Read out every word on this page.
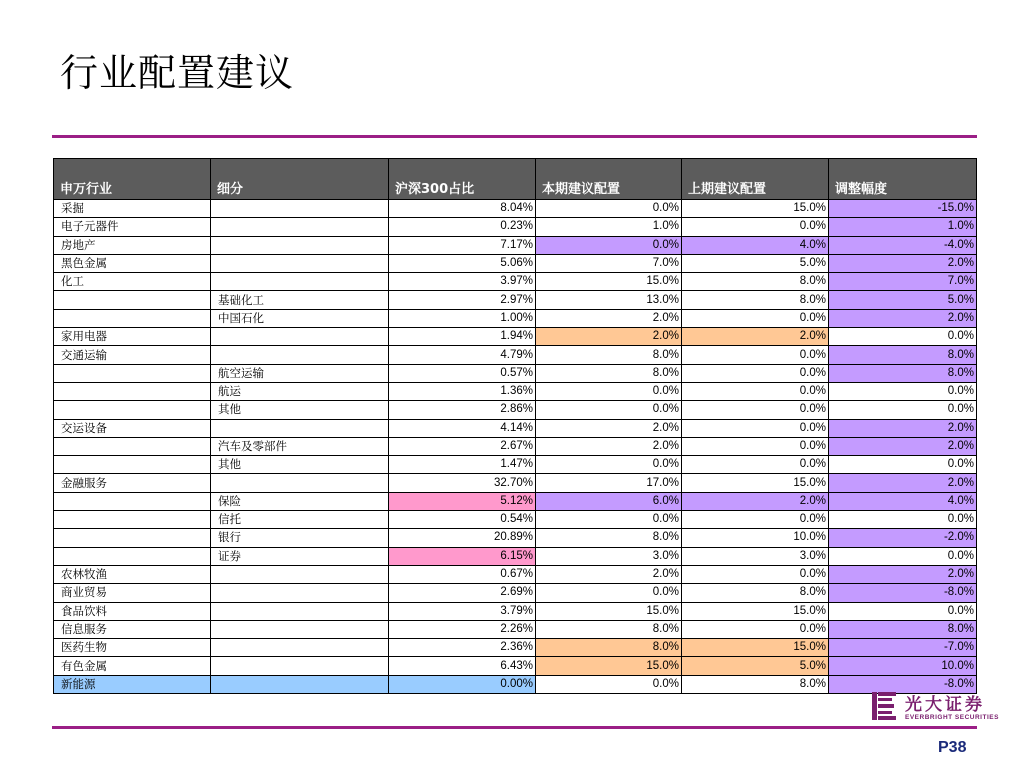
行业配置建议
申万行业	细分	沪深300占比	本期建议配置	上期建议配置	调整幅度
采掘		8.04%	0.0%	15.0%	-15.0%
电子元器件		0.23%	1.0%	0.0%	1.0%
房地产		7.17%	0.0%	4.0%	-4.0%
黑色金属		5.06%	7.0%	5.0%	2.0%
化工		3.97%	15.0%	8.0%	7.0%
	基础化工	2.97%	13.0%	8.0%	5.0%
	中国石化	1.00%	2.0%	0.0%	2.0%
家用电器		1.94%	2.0%	2.0%	0.0%
交通运输		4.79%	8.0%	0.0%	8.0%
	航空运输	0.57%	8.0%	0.0%	8.0%
	航运	1.36%	0.0%	0.0%	0.0%
	其他	2.86%	0.0%	0.0%	0.0%
交运设备		4.14%	2.0%	0.0%	2.0%
	汽车及零部件	2.67%	2.0%	0.0%	2.0%
	其他	1.47%	0.0%	0.0%	0.0%
金融服务		32.70%	17.0%	15.0%	2.0%
	保险	5.12%	6.0%	2.0%	4.0%
	信托	0.54%	0.0%	0.0%	0.0%
	银行	20.89%	8.0%	10.0%	-2.0%
	证券	6.15%	3.0%	3.0%	0.0%
农林牧渔		0.67%	2.0%	0.0%	2.0%
商业贸易		2.69%	0.0%	8.0%	-8.0%
食品饮料		3.79%	15.0%	15.0%	0.0%
信息服务		2.26%	8.0%	0.0%	8.0%
医药生物		2.36%	8.0%	15.0%	-7.0%
有色金属		6.43%	15.0%	5.0%	10.0%
新能源		0.00%	0.0%	8.0%	-8.0%
光大证券
EVERBRIGHT SECURITIES
P38
